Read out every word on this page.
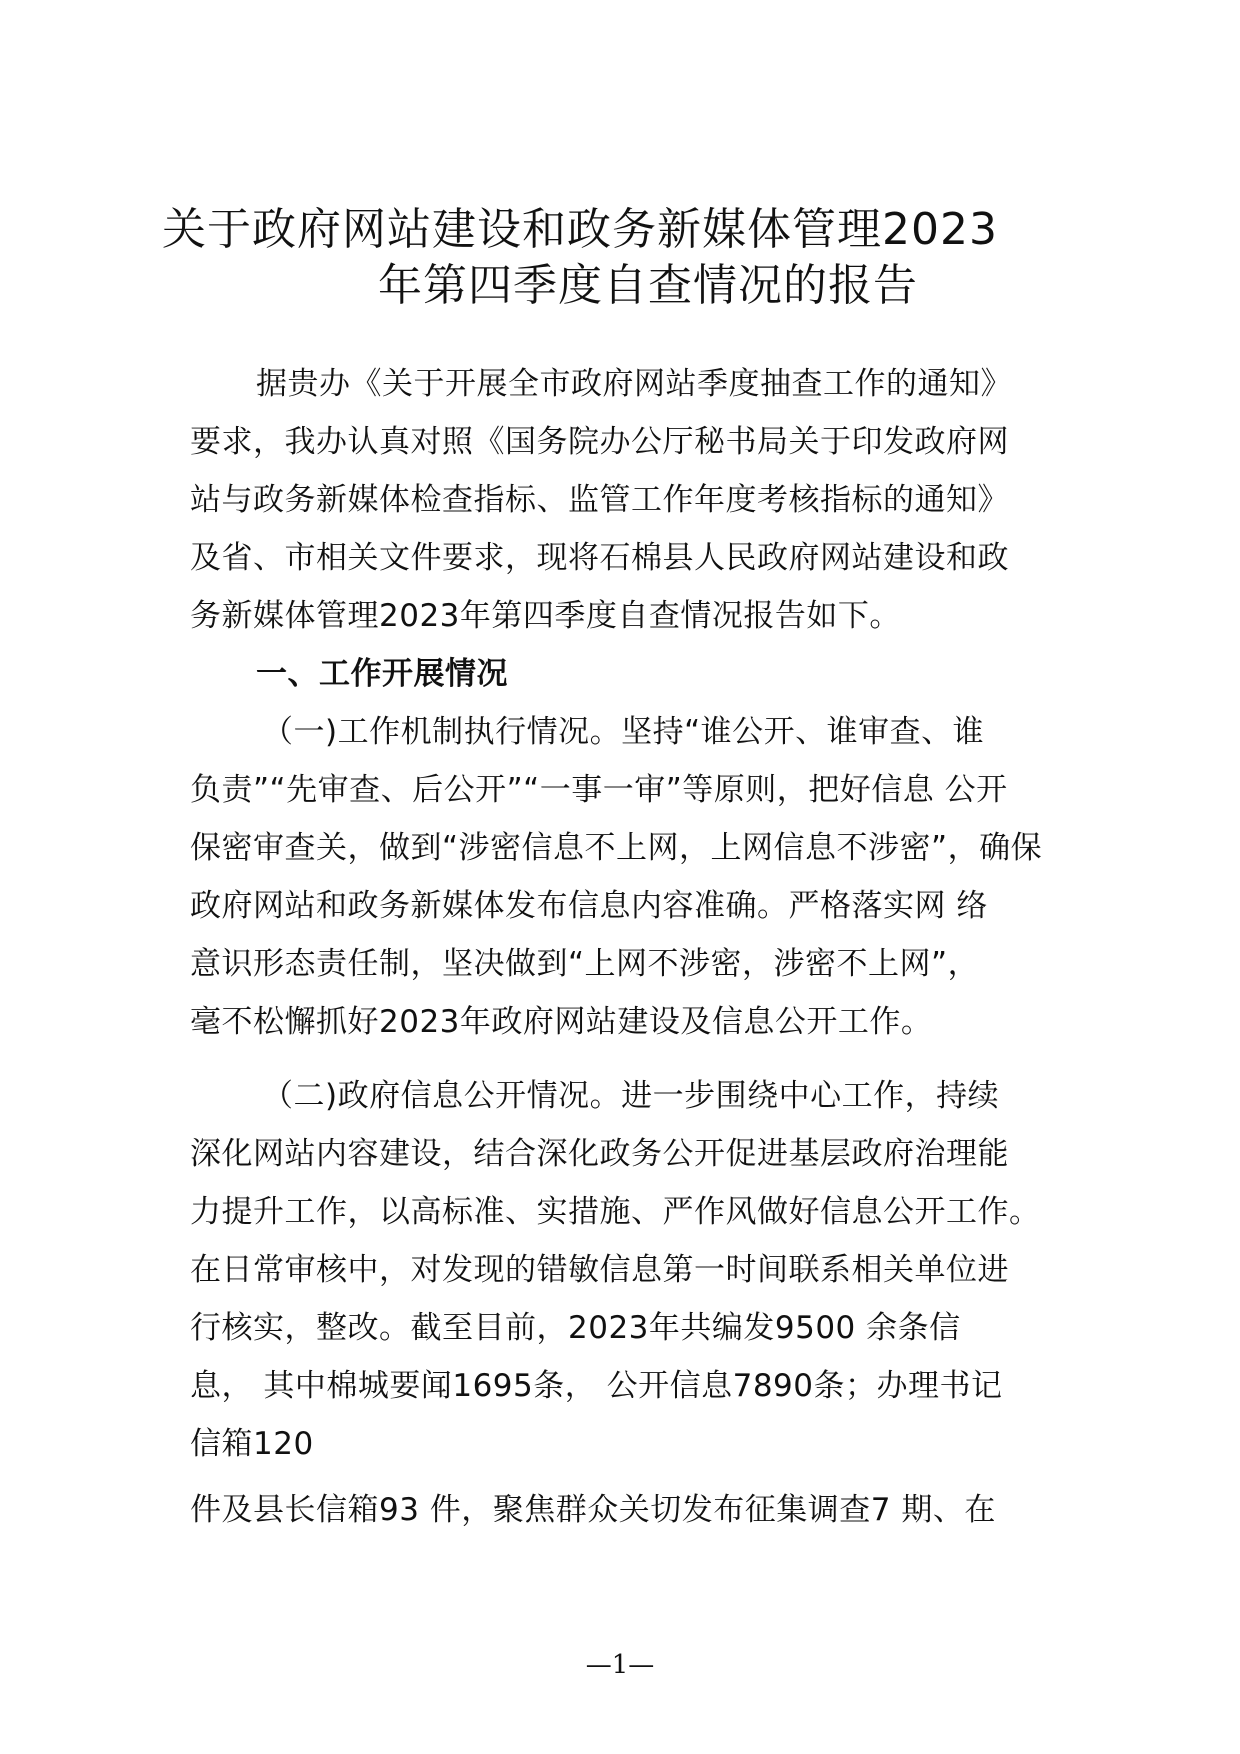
关于政府网站建设和政务新媒体管理2023
年第四季度自查情况的报告

据贵办《关于开展全市政府网站季度抽查工作的通知》

要求，我办认真对照《国务院办公厅秘书局关于印发政府网

站与政务新媒体检查指标、监管工作年度考核指标的通知》

及省、市相关文件要求，现将石棉县人民政府网站建设和政

务新媒体管理2023年第四季度自查情况报告如下。

一、工作开展情况

（一)工作机制执行情况。坚持“谁公开、谁审查、谁

负责”“先审查、后公开”“一事一审”等原则，把好信息 公开

保密审查关，做到“涉密信息不上网，上网信息不涉密”，确保

政府网站和政务新媒体发布信息内容准确。严格落实网 络

意识形态责任制，坚决做到“上网不涉密，涉密不上网”，

毫不松懈抓好2023年政府网站建设及信息公开工作。

（二)政府信息公开情况。进一步围绕中心工作，持续

深化网站内容建设，结合深化政务公开促进基层政府治理能

力提升工作，以高标准、实措施、严作风做好信息公开工作。

在日常审核中，对发现的错敏信息第一时间联系相关单位进

行核实，整改。截至目前，2023年共编发9500 余条信

息， 其中棉城要闻1695条， 公开信息7890条；办理书记

信箱120

件及县长信箱93 件，聚焦群众关切发布征集调查7 期、在

—1—
